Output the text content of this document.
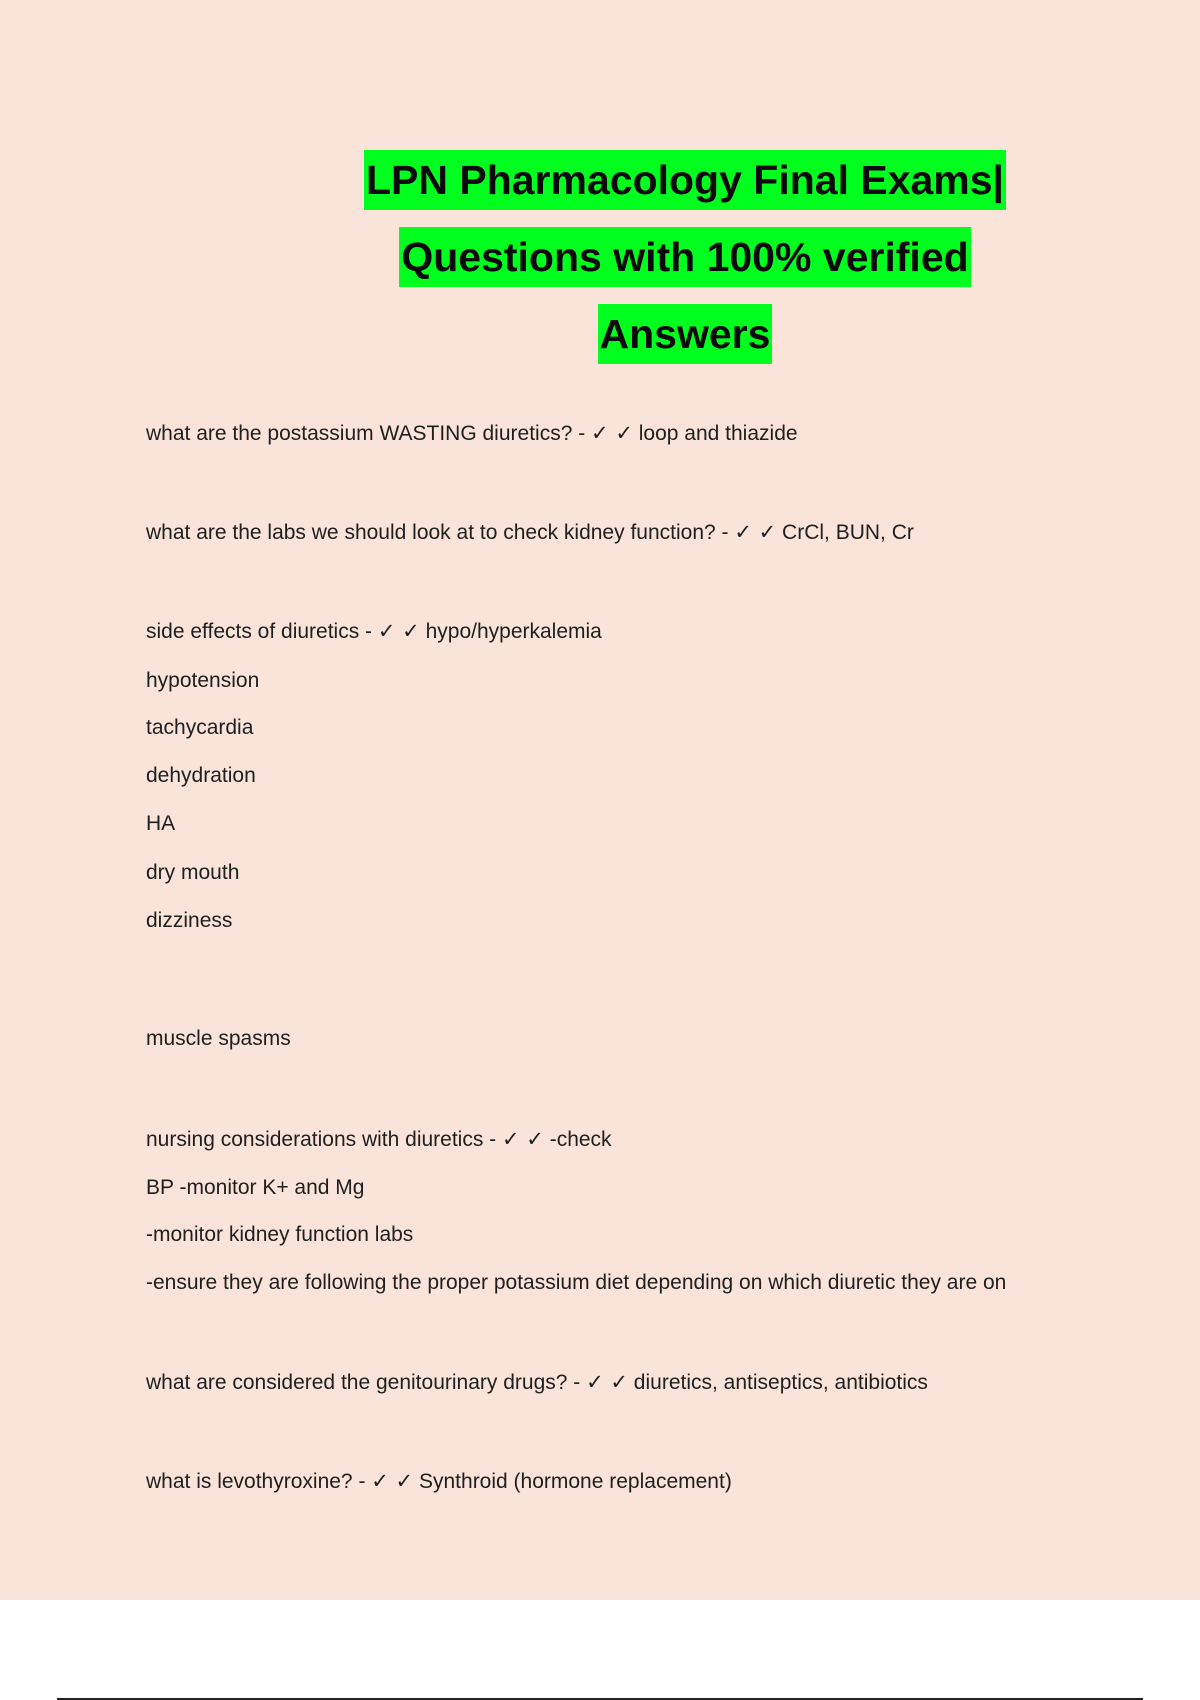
LPN Pharmacology Final Exams|
Questions with 100% verified
Answers
what are the postassium WASTING diuretics? - ✓ ✓ loop and thiazide
what are the labs we should look at to check kidney function? - ✓ ✓ CrCl, BUN, Cr
side effects of diuretics - ✓ ✓ hypo/hyperkalemia
hypotension
tachycardia
dehydration
HA
dry mouth
dizziness
muscle spasms
nursing considerations with diuretics - ✓ ✓ -check
BP -monitor K+ and Mg
-monitor kidney function labs
-ensure they are following the proper potassium diet depending on which diuretic they are on
what are considered the genitourinary drugs? - ✓ ✓ diuretics, antiseptics, antibiotics
what is levothyroxine? - ✓ ✓ Synthroid (hormone replacement)
